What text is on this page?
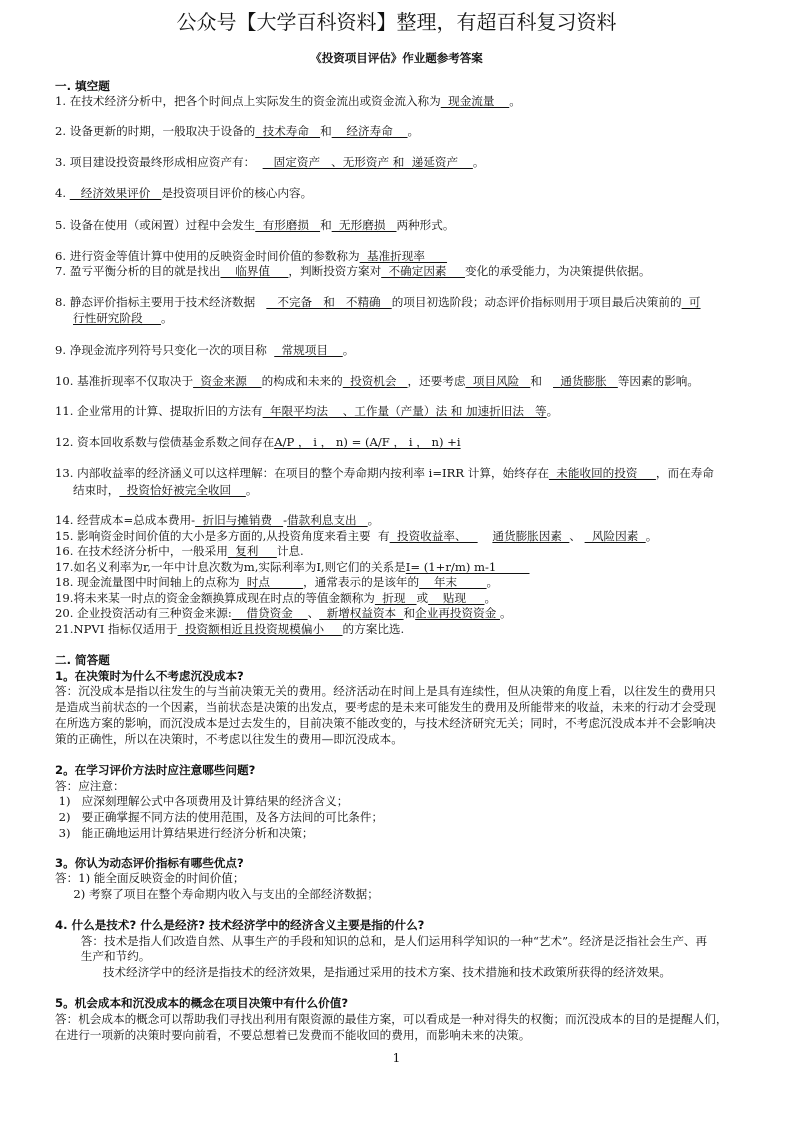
公众号【大学百科资料】整理，有超百科复习资料
《投资项目评估》作业题参考答案
一. 填空题
1. 在技术经济分析中，把各个时间点上实际发生的资金流出或资金流入称为  现金流量    。
2. 设备更新的时期，一般取决于设备的  技术寿命   和    经济寿命    。
3. 项目建设投资最终形成相应资产有：     固定资产   、无形资产 和  递延资产    。
4.    经济效果评价   是投资项目评价的核心内容。
5. 设备在使用（或闲置）过程中会发生  有形磨损   和  无形磨损   两种形式。
6. 进行资金等值计算中使用的反映资金时间价值的参数称为  基准折现率
7. 盈亏平衡分析的目的就是找出    临界值     ，判断投资方案对  不确定因素     变化的承受能力，为决策提供依据。
8. 静态评价指标主要用于技术经济数据      不完备   和   不精确   的项目初选阶段；动态评价指标则用于项目最后决策前的  可
行性研究阶段     。
9. 净现金流序列符号只变化一次的项目称    常规项目    。
10. 基准折现率不仅取决于  资金来源    的构成和未来的  投资机会   ，还要考虑  项目风险   和     通货膨胀   等因素的影响。
11. 企业常用的计算、提取折旧的方法有  年限平均法    、工作量（产量）法 和 加速折旧法   等。
12. 资本回收系数与偿债基金系数之间存在A/P ， i ， n) = (A/F ， i ， n) +i
13. 内部收益率的经济涵义可以这样理解：在项目的整个寿命期内按利率 i=IRR 计算，始终存在  未能收回的投资     ，而在寿命
结束时，  投资恰好被完全收回    。
14. 经营成本=总成本费用-  折旧与摊销费   -借款利息支出   。
15. 影响资金时间价值的大小是多方面的,从投资角度来看主要  有  投资收益率、       通货膨胀因素  、   风险因素  。
16. 在技术经济分析中，一般采用  复利     计息.
17.如名义利率为r,一年中计息次数为m,实际利率为I,则它们的关系是I= (1+r/m) m-1
18. 现金流量图中时间轴上的点称为  时点         ，通常表示的是该年的    年末        。
19.将未来某一时点的资金金额换算成现在时点的等值金额称为  折现   或    贴现     。
20. 企业投资活动有三种资金来源:    借贷资金    、  新增权益资本  和企业再投资资金 。
21.NPVI 指标仅适用于  投资额相近且投资规模偏小     的方案比选.
二. 简答题
1。在决策时为什么不考虑沉没成本?
答：沉没成本是指以往发生的与当前决策无关的费用。经济活动在时间上是具有连续性，但从决策的角度上看，以往发生的费用只
是造成当前状态的一个因素，当前状态是决策的出发点，要考虑的是未来可能发生的费用及所能带来的收益，未来的行动才会受现
在所选方案的影响，而沉没成本是过去发生的，目前决策不能改变的，与技术经济研究无关；同时，不考虑沉没成本并不会影响决
策的正确性，所以在决策时，不考虑以往发生的费用—即沉没成本。
2。在学习评价方法时应注意哪些问题?
答：应注意：
1)   应深刻理解公式中各项费用及计算结果的经济含义；
2)   要正确掌握不同方法的使用范围，及各方法间的可比条件；
3)   能正确地运用计算结果进行经济分析和决策；
3。你认为动态评价指标有哪些优点?
答：1) 能全面反映资金的时间价值；
2) 考察了项目在整个寿命期内收入与支出的全部经济数据；
4. 什么是技术? 什么是经济? 技术经济学中的经济含义主要是指的什么?
答：技术是指人们改造自然、从事生产的手段和知识的总和，是人们运用科学知识的一种“艺术”。经济是泛指社会生产、再
生产和节约。
技术经济学中的经济是指技术的经济效果，是指通过采用的技术方案、技术措施和技术政策所获得的经济效果。
5。机会成本和沉没成本的概念在项目决策中有什么价值?
答：机会成本的概念可以帮助我们寻找出利用有限资源的最佳方案，可以看成是一种对得失的权衡；而沉没成本的目的是提醒人们，
在进行一项新的决策时要向前看，不要总想着已发费而不能收回的费用，而影响未来的决策。
1
